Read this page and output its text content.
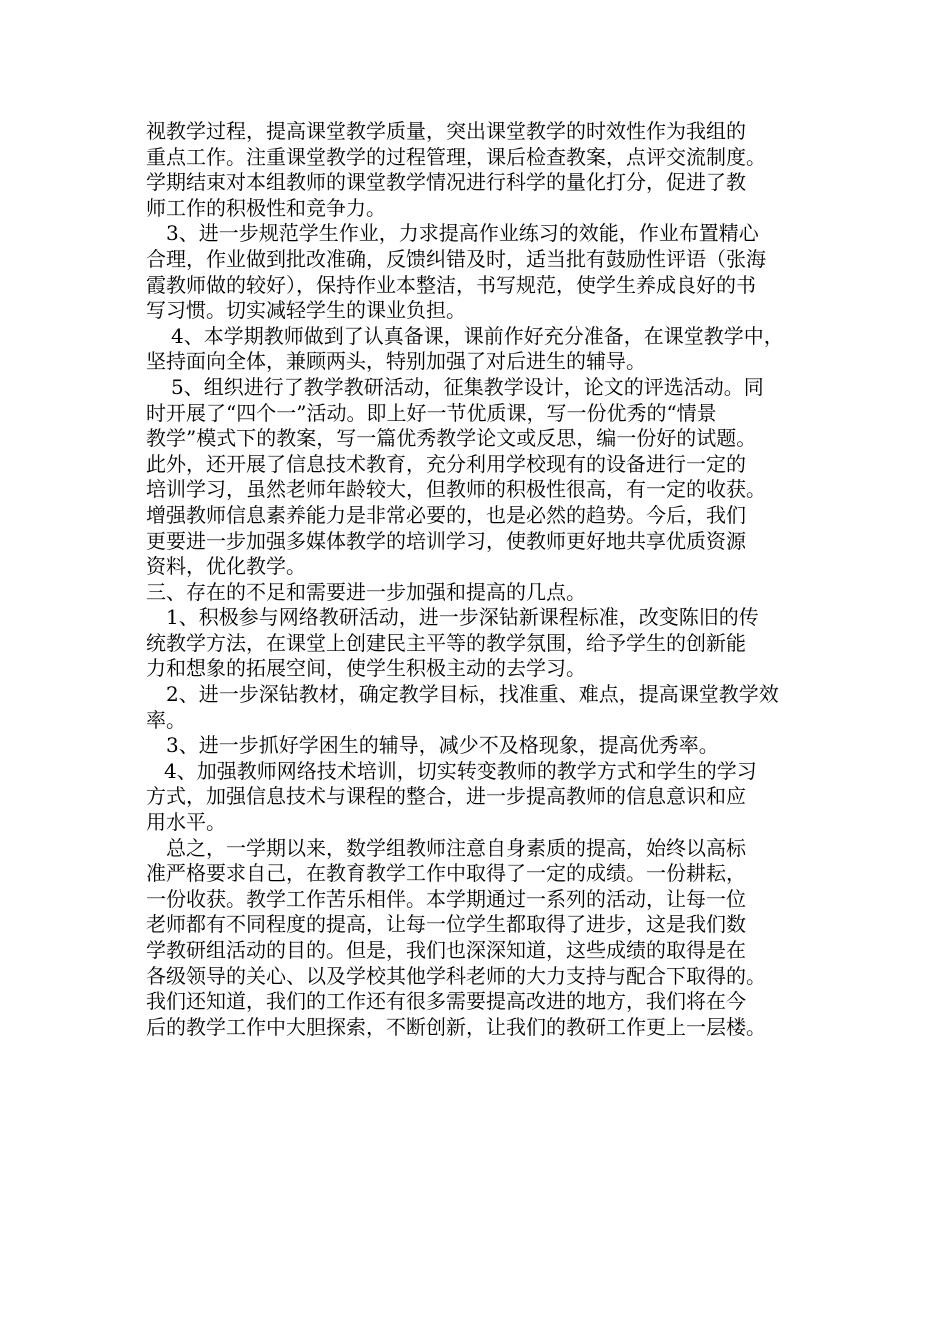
视教学过程，提高课堂教学质量，突出课堂教学的时效性作为我组的
重点工作。注重课堂教学的过程管理，课后检查教案，点评交流制度。
学期结束对本组教师的课堂教学情况进行科学的量化打分，促进了教
师工作的积极性和竞争力。
3、进一步规范学生作业，力求提高作业练习的效能，作业布置精心
合理，作业做到批改准确，反馈纠错及时，适当批有鼓励性评语（张海
霞教师做的较好），保持作业本整洁，书写规范，使学生养成良好的书
写习惯。切实减轻学生的课业负担。
4、本学期教师做到了认真备课，课前作好充分准备，在课堂教学中，
坚持面向全体，兼顾两头，特别加强了对后进生的辅导。
5、组织进行了教学教研活动，征集教学设计，论文的评选活动。同
时开展了“四个一”活动。即上好一节优质课，写一份优秀的“情景
教学”模式下的教案，写一篇优秀教学论文或反思，编一份好的试题。
此外，还开展了信息技术教育，充分利用学校现有的设备进行一定的
培训学习，虽然老师年龄较大，但教师的积极性很高，有一定的收获。
增强教师信息素养能力是非常必要的，也是必然的趋势。今后，我们
更要进一步加强多媒体教学的培训学习，使教师更好地共享优质资源
资料，优化教学。
三、存在的不足和需要进一步加强和提高的几点。
1、积极参与网络教研活动，进一步深钻新课程标准，改变陈旧的传
统教学方法，在课堂上创建民主平等的教学氛围，给予学生的创新能
力和想象的拓展空间，使学生积极主动的去学习。
2、进一步深钻教材，确定教学目标，找准重、难点，提高课堂教学效
率。
3、进一步抓好学困生的辅导，减少不及格现象，提高优秀率。
4、加强教师网络技术培训，切实转变教师的教学方式和学生的学习
方式，加强信息技术与课程的整合，进一步提高教师的信息意识和应
用水平。
总之，一学期以来，数学组教师注意自身素质的提高，始终以高标
准严格要求自己，在教育教学工作中取得了一定的成绩。一份耕耘，
一份收获。教学工作苦乐相伴。本学期通过一系列的活动，让每一位
老师都有不同程度的提高，让每一位学生都取得了进步，这是我们数
学教研组活动的目的。但是，我们也深深知道，这些成绩的取得是在
各级领导的关心、以及学校其他学科老师的大力支持与配合下取得的。
我们还知道，我们的工作还有很多需要提高改进的地方，我们将在今
后的教学工作中大胆探索，不断创新，让我们的教研工作更上一层楼。
